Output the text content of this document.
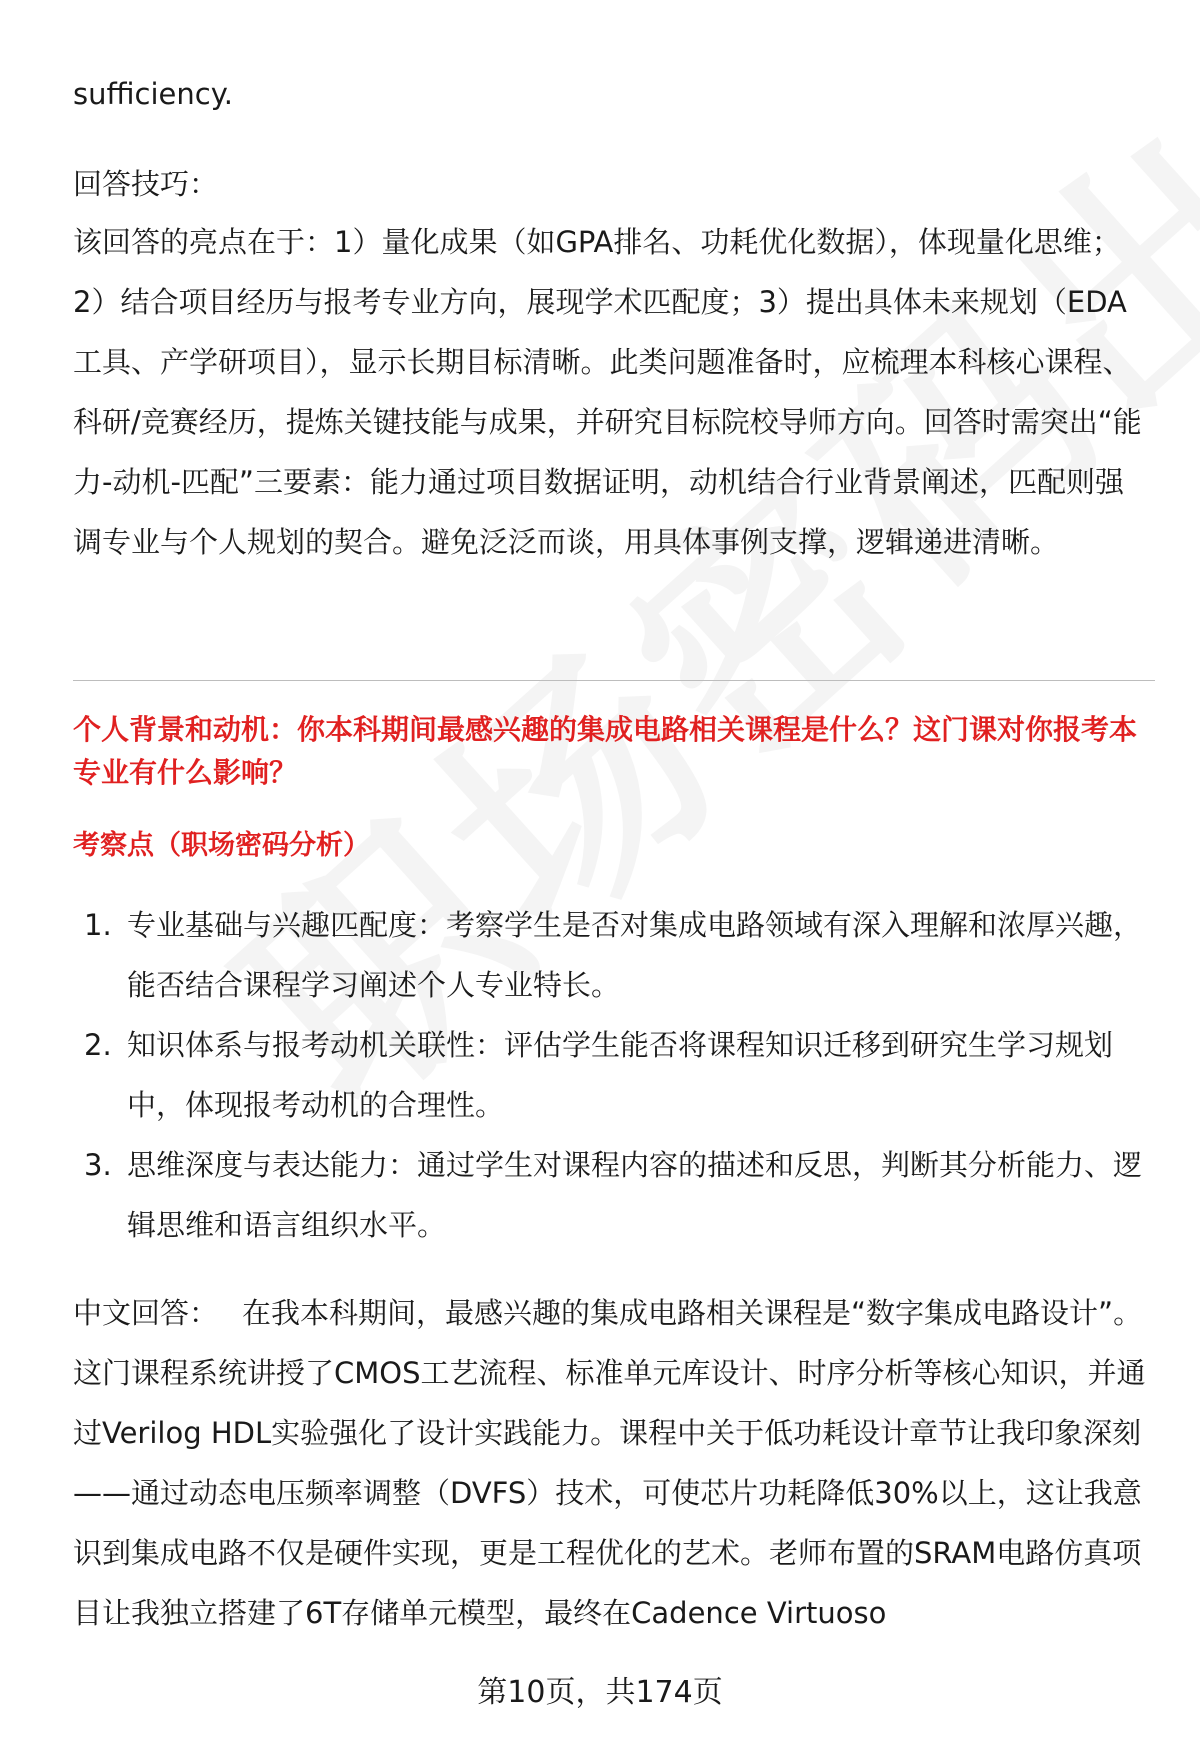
sufficiency.

回答技巧：

该回答的亮点在于：1）量化成果（如GPA排名、功耗优化数据），体现量化思维；2）结合项目经历与报考专业方向，展现学术匹配度；3）提出具体未来规划（EDA工具、产学研项目），显示长期目标清晰。此类问题准备时，应梳理本科核心课程、科研/竞赛经历，提炼关键技能与成果，并研究目标院校导师方向。回答时需突出“能力-动机-匹配”三要素：能力通过项目数据证明，动机结合行业背景阐述，匹配则强调专业与个人规划的契合。避免泛泛而谈，用具体事例支撑，逻辑递进清晰。

个人背景和动机：你本科期间最感兴趣的集成电路相关课程是什么？这门课对你报考本专业有什么影响？

考察点（职场密码分析）

1. 专业基础与兴趣匹配度：考察学生是否对集成电路领域有深入理解和浓厚兴趣，能否结合课程学习阐述个人专业特长。
2. 知识体系与报考动机关联性：评估学生能否将课程知识迁移到研究生学习规划中，体现报考动机的合理性。
3. 思维深度与表达能力：通过学生对课程内容的描述和反思，判断其分析能力、逻辑思维和语言组织水平。

中文回答： 在我本科期间，最感兴趣的集成电路相关课程是“数字集成电路设计”。这门课程系统讲授了CMOS工艺流程、标准单元库设计、时序分析等核心知识，并通过Verilog HDL实验强化了设计实践能力。课程中关于低功耗设计章节让我印象深刻——通过动态电压频率调整（DVFS）技术，可使芯片功耗降低30%以上，这让我意识到集成电路不仅是硬件实现，更是工程优化的艺术。老师布置的SRAM电路仿真项目让我独立搭建了6T存储单元模型，最终在Cadence Virtuoso

第10页，共174页
